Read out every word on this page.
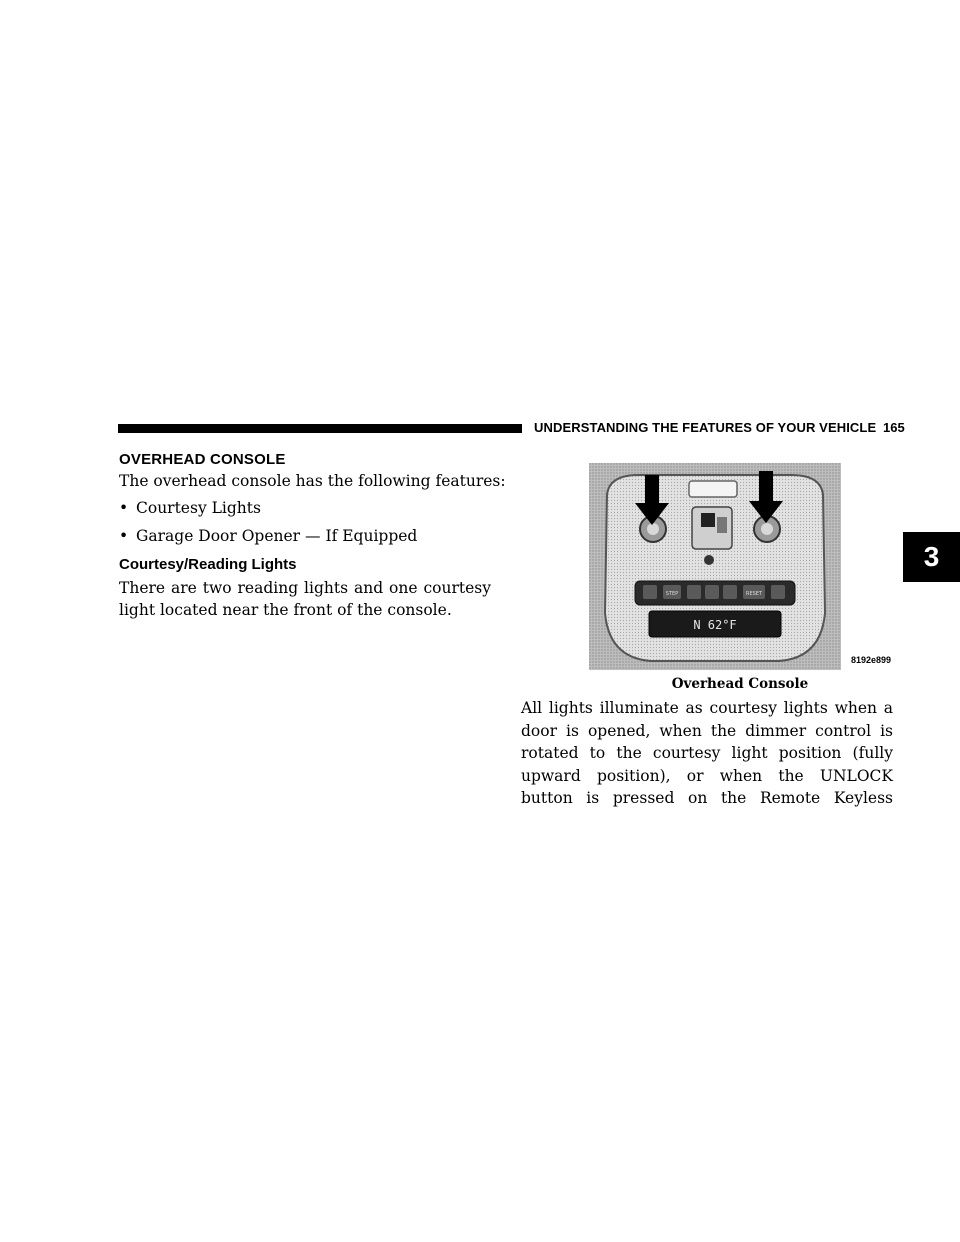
UNDERSTANDING THE FEATURES OF YOUR VEHICLE 165
3
OVERHEAD CONSOLE
The overhead console has the following features:
• Courtesy Lights
• Garage Door Opener — If Equipped
Courtesy/Reading Lights
There are two reading lights and one courtesy light located near the front of the console.
STEP	RESET
N 62°F
8192e899
Overhead Console
All lights illuminate as courtesy lights when a door is opened, when the dimmer control is rotated to the courtesy light position (fully upward position), or when the UNLOCK button is pressed on the Remote Keyless
